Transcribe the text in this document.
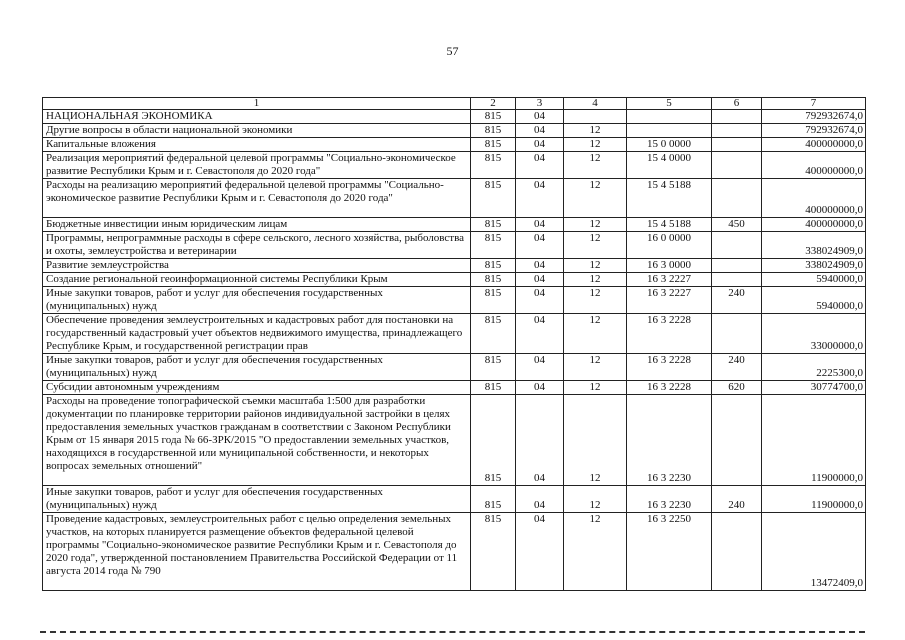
57
1	2	3	4	5	6	7
НАЦИОНАЛЬНАЯ ЭКОНОМИКА	815	04				792932674,0
Другие вопросы в области национальной экономики	815	04	12			792932674,0
Капитальные вложения	815	04	12	15 0 0000		400000000,0
Реализация мероприятий федеральной целевой программы "Социально-экономическое развитие Республики Крым и г. Севастополя до 2020 года"	815	04	12	15 4 0000		400000000,0
Расходы на реализацию мероприятий федеральной целевой программы "Социально-экономическое развитие Республики Крым и г. Севастополя до 2020 года"	815	04	12	15 4 5188		400000000,0
Бюджетные инвестиции иным юридическим лицам	815	04	12	15 4 5188	450	400000000,0
Программы, непрограммные расходы в сфере сельского, лесного хозяйства, рыболовства и охоты, землеустройства и ветеринарии	815	04	12	16 0 0000		338024909,0
Развитие землеустройства	815	04	12	16 3 0000		338024909,0
Создание региональной геоинформационной системы Республики Крым	815	04	12	16 3 2227		5940000,0
Иные закупки товаров, работ и услуг для обеспечения государственных (муниципальных) нужд	815	04	12	16 3 2227	240	5940000,0
Обеспечение проведения землеустроительных и кадастровых работ для постановки на государственный кадастровый учет объектов недвижимого имущества, принадлежащего Республике Крым, и государственной регистрации прав	815	04	12	16 3 2228		33000000,0
Иные закупки товаров, работ и услуг для обеспечения государственных (муниципальных) нужд	815	04	12	16 3 2228	240	2225300,0
Субсидии автономным учреждениям	815	04	12	16 3 2228	620	30774700,0
Расходы на проведение топографической съемки масштаба 1:500 для разработки документации по планировке территории районов индивидуальной застройки в целях предоставления земельных участков гражданам в соответствии с Законом Республики Крым от 15 января 2015 года № 66-ЗРК/2015 "О предоставлении земельных участков, находящихся в государственной или муниципальной собственности, и некоторых вопросах земельных отношений"	815	04	12	16 3 2230		11900000,0
Иные закупки товаров, работ и услуг для обеспечения государственных (муниципальных) нужд	815	04	12	16 3 2230	240	11900000,0
Проведение кадастровых, землеустроительных работ с целью определения земельных участков, на которых планируется размещение объектов федеральной целевой программы "Социально-экономическое развитие Республики Крым и г. Севастополя до 2020 года", утвержденной постановлением Правительства Российской Федерации от 11 августа 2014 года № 790	815	04	12	16 3 2250		13472409,0
